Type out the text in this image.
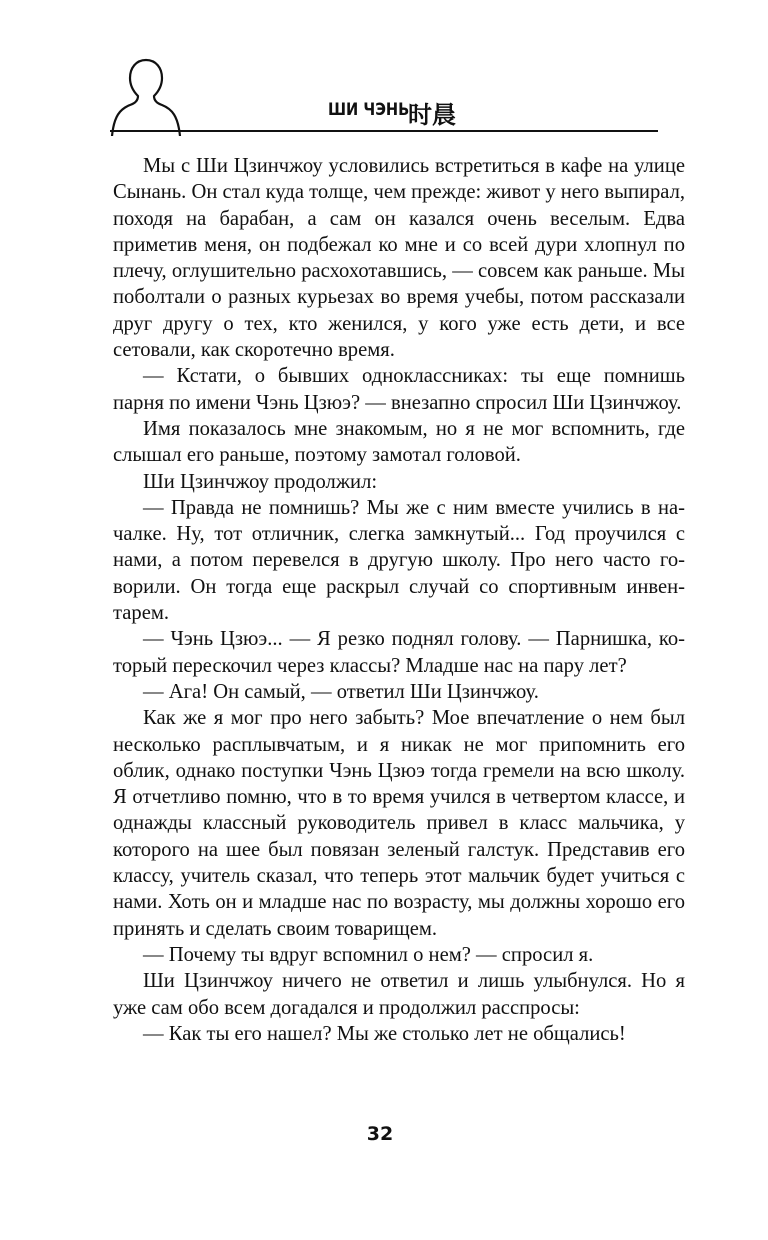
ШИ ЧЭНЬ
时晨

Мы с Ши Цзинчжоу условились встретиться в кафе на улице Сынань. Он стал куда толще, чем прежде: живот у него выпирал, походя на барабан, а сам он казался очень веселым. Едва приметив меня, он подбежал ко мне и со всей дури хлопнул по плечу, оглушительно расхохотавшись, — совсем как раньше. Мы поболтали о разных курьезах во время учебы, потом рассказали друг другу о тех, кто женился, у кого уже есть дети, и все сетовали, как скоротечно время.

— Кстати, о бывших одноклассниках: ты еще помнишь парня по имени Чэнь Цзюэ? — внезапно спросил Ши Цзинчжоу.

Имя показалось мне знакомым, но я не мог вспомнить, где слышал его раньше, поэтому замотал головой.

Ши Цзинчжоу продолжил:

— Правда не помнишь? Мы же с ним вместе учились в началке. Ну, тот отличник, слегка замкнутый... Год проучился с нами, а потом перевелся в другую школу. Про него часто говорили. Он тогда еще раскрыл случай со спортивным инвентарем.

— Чэнь Цзюэ... — Я резко поднял голову. — Парнишка, который перескочил через классы? Младше нас на пару лет?

— Ага! Он самый, — ответил Ши Цзинчжоу.

Как же я мог про него забыть? Мое впечатление о нем был несколько расплывчатым, и я никак не мог припомнить его облик, однако поступки Чэнь Цзюэ тогда гремели на всю школу. Я отчетливо помню, что в то время учился в четвертом классе, и однажды классный руководитель привел в класс мальчика, у которого на шее был повязан зеленый галстук. Представив его классу, учитель сказал, что теперь этот мальчик будет учиться с нами. Хоть он и младше нас по возрасту, мы должны хорошо его принять и сделать своим товарищем.

— Почему ты вдруг вспомнил о нем? — спросил я.

Ши Цзинчжоу ничего не ответил и лишь улыбнулся. Но я уже сам обо всем догадался и продолжил расспросы:

— Как ты его нашел? Мы же столько лет не общались!

32
